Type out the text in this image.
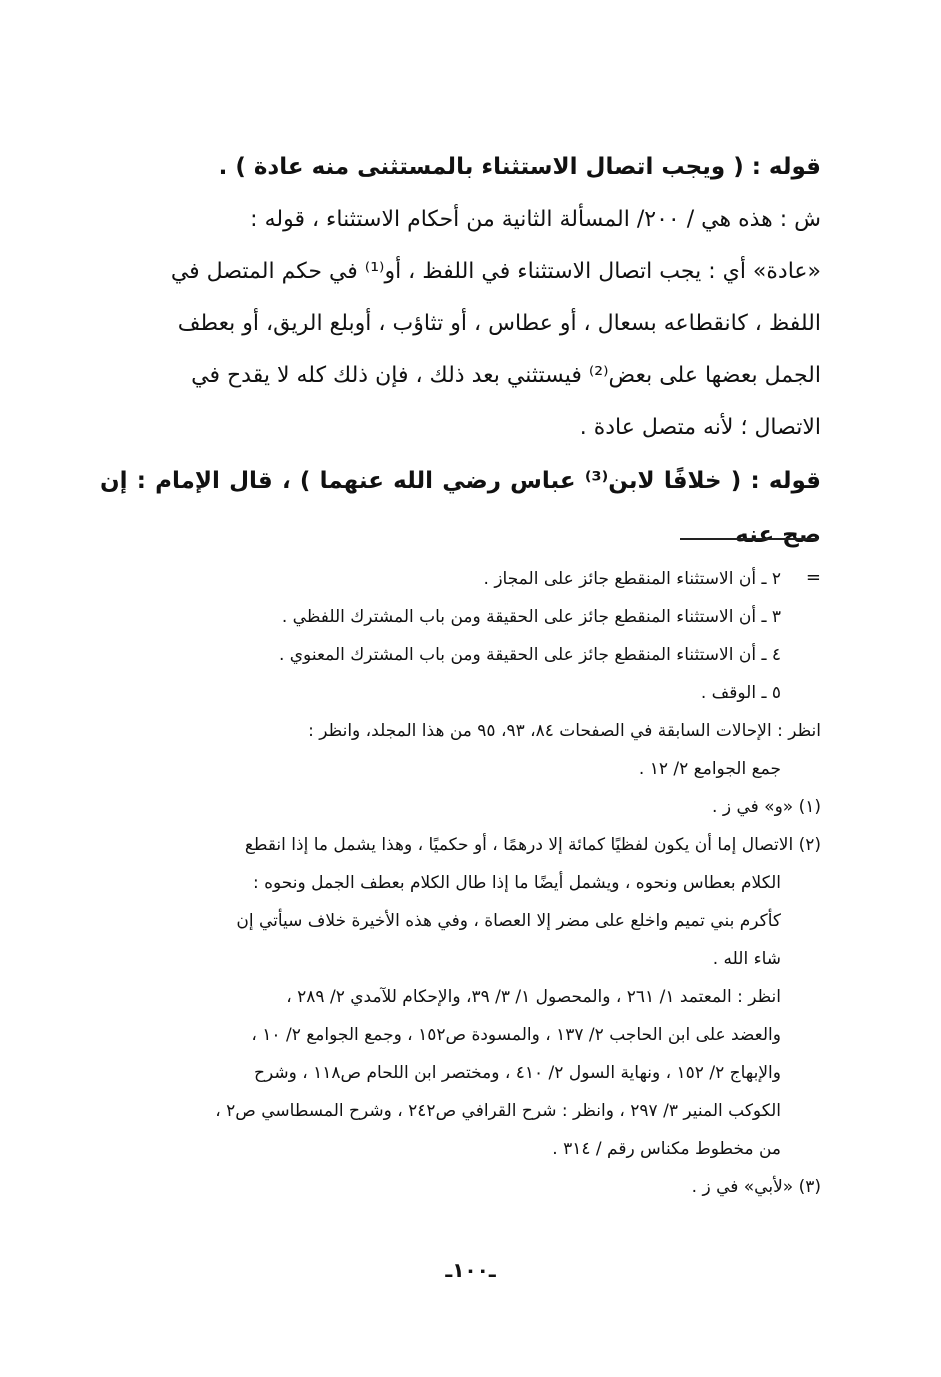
قوله : ( ويجب اتصال الاستثناء بالمستثنى منه عادة ) .

ش : هذه هي / ٢٠٠/ المسألة الثانية من أحكام الاستثناء ، قوله :

«عادة» أي : يجب اتصال الاستثناء في اللفظ ، أو⁽¹⁾ في حكم المتصل في

اللفظ ، كانقطاعه بسعال ، أو عطاس ، أو تثاؤب ، أوبلع الريق، أو بعطف

الجمل بعضها على بعض⁽²⁾ فيستثني بعد ذلك ، فإن ذلك كله لا يقدح في

الاتصال ؛ لأنه متصل عادة .

قوله : ( خلافًا لابن⁽³⁾ عباس رضي الله عنهما ) ، قال الإمام : إن صح عنه

=

٢ ـ أن الاستثناء المنقطع جائز على المجاز .

٣ ـ أن الاستثناء المنقطع جائز على الحقيقة ومن باب المشترك اللفظي .

٤ ـ أن الاستثناء المنقطع جائز على الحقيقة ومن باب المشترك المعنوي .

٥ ـ الوقف .

انظر : الإحالات السابقة في الصفحات ٨٤، ٩٣، ٩٥ من هذا المجلد، وانظر :

جمع الجوامع ٢/ ١٢ .

(١) «و» في ز .

(٢) الاتصال إما أن يكون لفظيًا كمائة إلا درهمًا ، أو حكميًا ، وهذا يشمل ما إذا انقطع

الكلام بعطاس ونحوه ، ويشمل أيضًا ما إذا طال الكلام بعطف الجمل ونحوه :

كأكرم بني تميم واخلع على مضر إلا العصاة ، وفي هذه الأخيرة خلاف سيأتي إن

شاء الله .

انظر : المعتمد ١/ ٢٦١ ، والمحصول ١/ ٣/ ٣٩، والإحكام للآمدي ٢/ ٢٨٩ ،

والعضد على ابن الحاجب ٢/ ١٣٧ ، والمسودة ص١٥٢ ، وجمع الجوامع ٢/ ١٠ ،

والإبهاج ٢/ ١٥٢ ، ونهاية السول ٢/ ٤١٠ ، ومختصر ابن اللحام ص١١٨ ، وشرح

الكوكب المنير ٣/ ٢٩٧ ، وانظر : شرح القرافي ص٢٤٢ ، وشرح المسطاسي ص٢ ،

من مخطوط مكناس رقم / ٣١٤ .

(٣) «لأبي» في ز .

ـ١٠٠ـ
